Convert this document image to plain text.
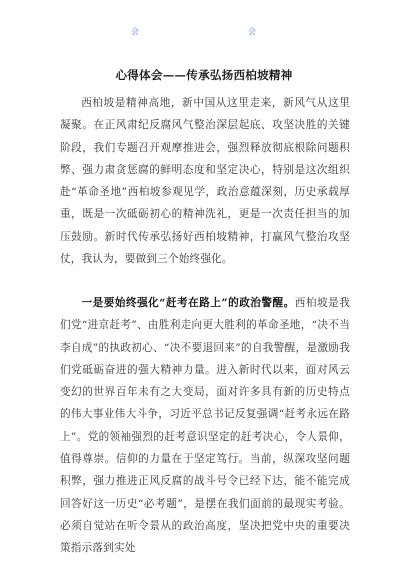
会	会
心得体会——传承弘扬西柏坡精神

西柏坡是精神高地，新中国从这里走来，新风气从这里凝聚。在正风肃纪反腐风气整治深层起底、攻坚决胜的关键阶段，我们专题召开观摩推进会，强烈释放彻底根除问题积弊、强力肃贪惩腐的鲜明态度和坚定决心，特别是这次组织赴“革命圣地”西柏坡参观见学，政治意蕴深刻，历史承载厚重，既是一次砥砺初心的精神洗礼，更是一次责任担当的加压鼓励。新时代传承弘扬好西柏坡精神，打赢风气整治攻坚仗，我认为，要做到三个始终强化。

一是要始终强化“赶考在路上”的政治警醒。西柏坡是我们党“进京赶考”、由胜利走向更大胜利的革命圣地，“决不当李自成”的执政初心、“决不要退回来”的自我警醒，是激励我们党砥砺奋进的强大精神力量。进入新时代以来，面对风云变幻的世界百年未有之大变局，面对许多具有新的历史特点的伟大事业伟大斗争，习近平总书记反复强调“赶考永远在路上”。党的领袖强烈的赶考意识坚定的赶考决心，令人景仰，值得尊崇。信仰的力量在于坚定笃行。当前，纵深攻坚问题积弊，强力推进正风反腐的战斗号令已经下达，能不能完成回答好这一历史“必考题”，是摆在我们面前的最现实考验。必须自觉站在听令景从的政治高度，坚决把党中央的重要决策指示落到实处
